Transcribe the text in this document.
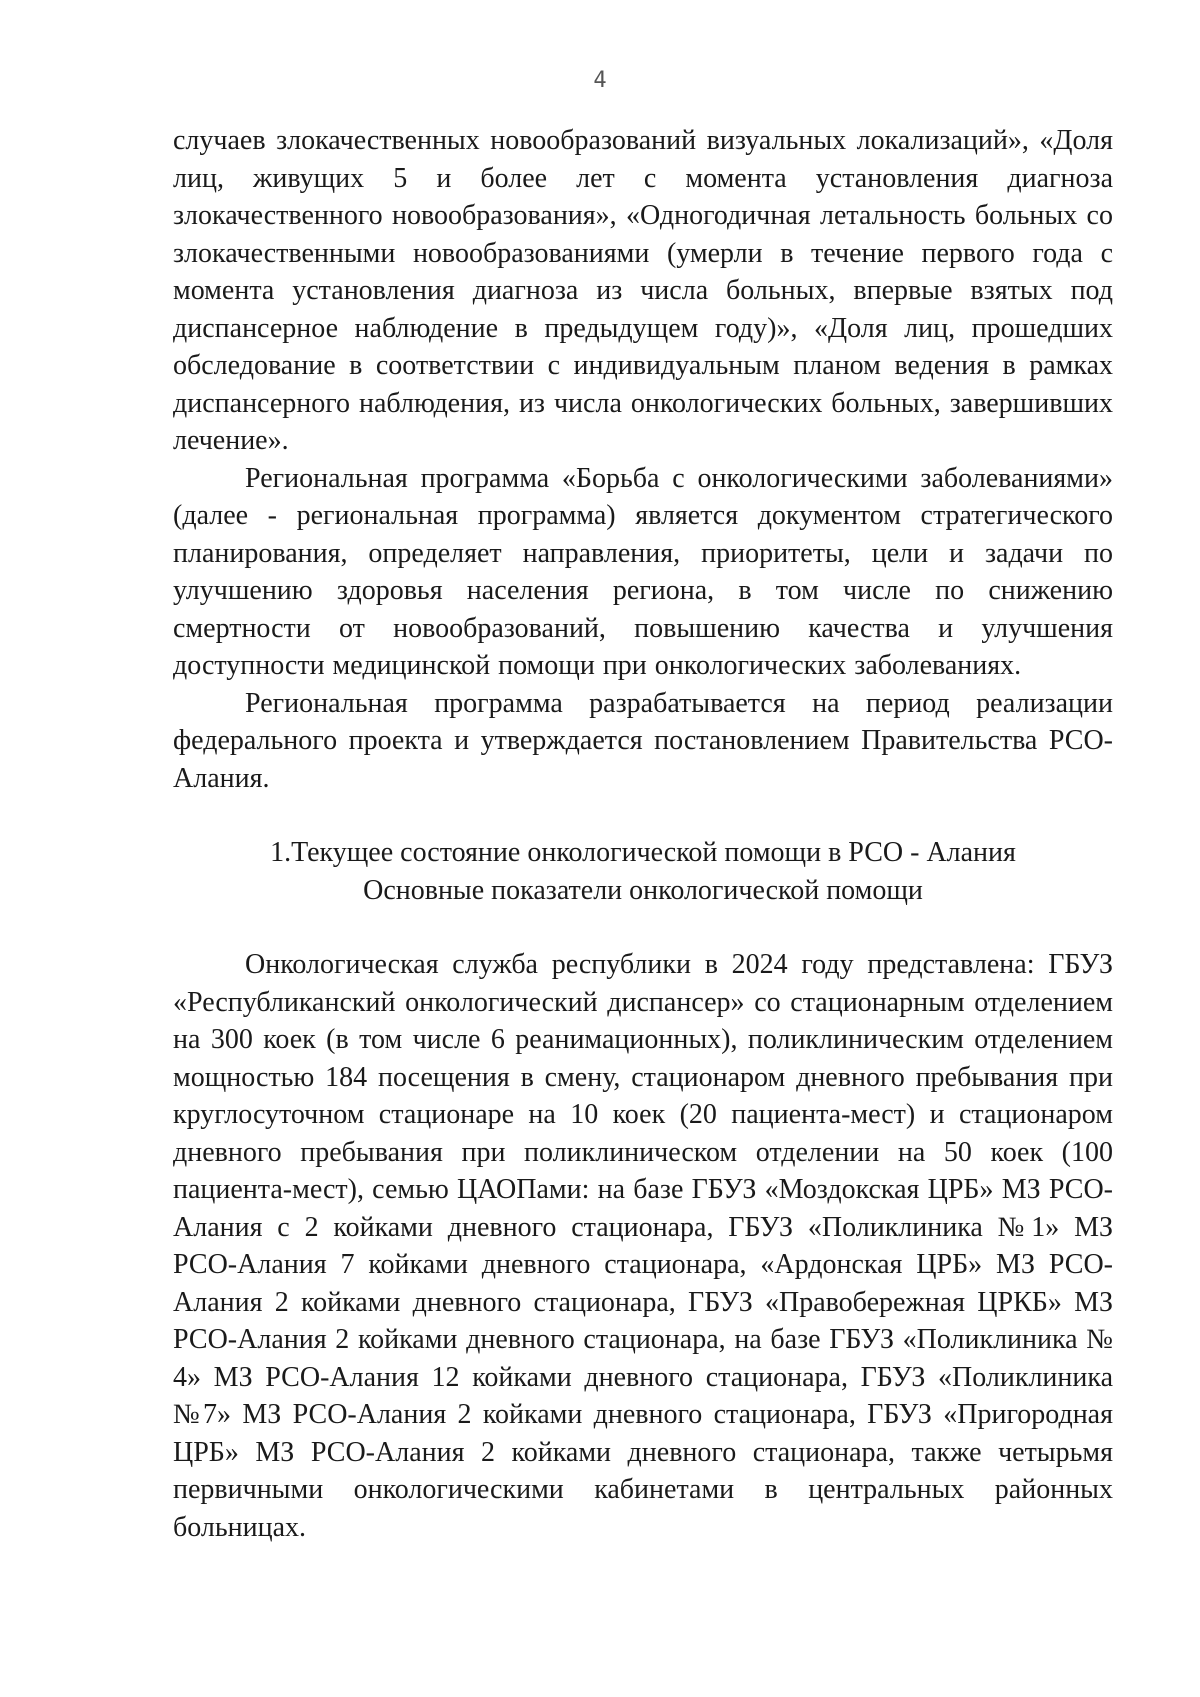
4

случаев злокачественных новообразований визуальных локализаций», «Доля лиц, живущих 5 и более лет с момента установления диагноза злокачественного новообразования», «Одногодичная летальность больных со злокачественными новообразованиями (умерли в течение первого года с момента установления диагноза из числа больных, впервые взятых под диспансерное наблюдение в предыдущем году)», «Доля лиц, прошедших обследование в соответствии с индивидуальным планом ведения в рамках диспансерного наблюдения, из числа онкологических больных, завершивших лечение».

Региональная программа «Борьба с онкологическими заболеваниями» (далее - региональная программа) является документом стратегического планирования, определяет направления, приоритеты, цели и задачи по улучшению здоровья населения региона, в том числе по снижению смертности от новообразований, повышению качества и улучшения доступности медицинской помощи при онкологических заболеваниях.

Региональная программа разрабатывается на период реализации федерального проекта и утверждается постановлением Правительства РСО-Алания.

1.Текущее состояние онкологической помощи в РСО - Алания
Основные показатели онкологической помощи

Онкологическая служба республики в 2024 году представлена: ГБУЗ «Республиканский онкологический диспансер» со стационарным отделением на 300 коек (в том числе 6 реанимационных), поликлиническим отделением мощностью 184 посещения в смену, стационаром дневного пребывания при круглосуточном стационаре на 10 коек (20 пациента-мест) и стационаром дневного пребывания при поликлиническом отделении на 50 коек (100 пациента-мест), семью ЦАОПами: на базе ГБУЗ «Моздокская ЦРБ» МЗ РСО-Алания с 2 койками дневного стационара, ГБУЗ «Поликлиника №1» МЗ РСО-Алания 7 койками дневного стационара, «Ардонская ЦРБ» МЗ РСО-Алания 2 койками дневного стационара, ГБУЗ «Правобережная ЦРКБ» МЗ РСО-Алания 2 койками дневного стационара, на базе ГБУЗ «Поликлиника № 4» МЗ РСО-Алания 12 койками дневного стационара, ГБУЗ «Поликлиника №7» МЗ РСО-Алания 2 койками дневного стационара, ГБУЗ «Пригородная ЦРБ» МЗ РСО-Алания 2 койками дневного стационара, также четырьмя первичными онкологическими кабинетами в центральных районных больницах.
